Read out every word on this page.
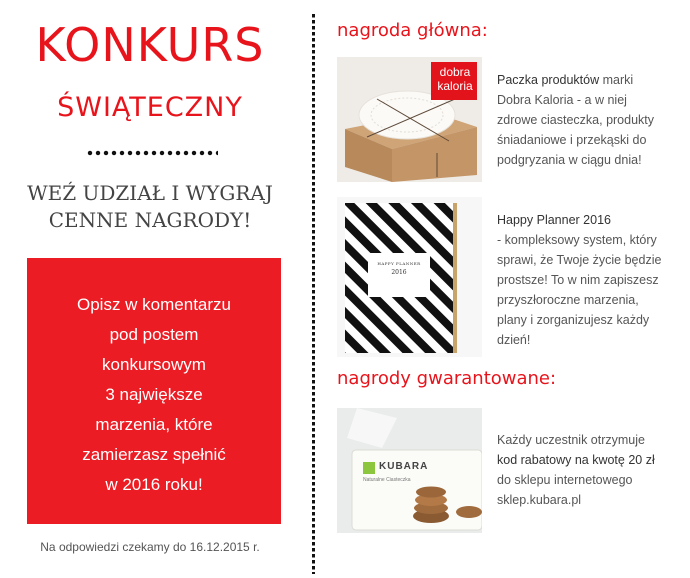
KONKURS
ŚWIĄTECZNY
WEŹ UDZIAŁ I WYGRAJ
CENNE NAGRODY!
Opisz w komentarzu
pod postem
konkursowym
3 największe
marzenia, które
zamierzasz spełnić
w 2016 roku!
Na odpowiedzi czekamy do 16.12.2015 r.
nagroda główna:
dobra
kaloria	Paczka produktów marki
Dobra Kaloria - a w niej
zdrowe ciasteczka, produkty
śniadaniowe i przekąski do
podgryzania w ciągu dnia!
HAPPY PLANNER
2016
Happy Planner 2016
- kompleksowy system, który
sprawi, że Twoje życie będzie
prostsze! To w nim zapiszesz
przyszłoroczne marzenia,
plany i zorganizujesz każdy
dzień!
nagrody gwarantowane:
KUBARA
Naturalne Ciasteczka
Każdy uczestnik otrzymuje
kod rabatowy na kwotę 20 zł
do sklepu internetowego
sklep.kubara.pl
